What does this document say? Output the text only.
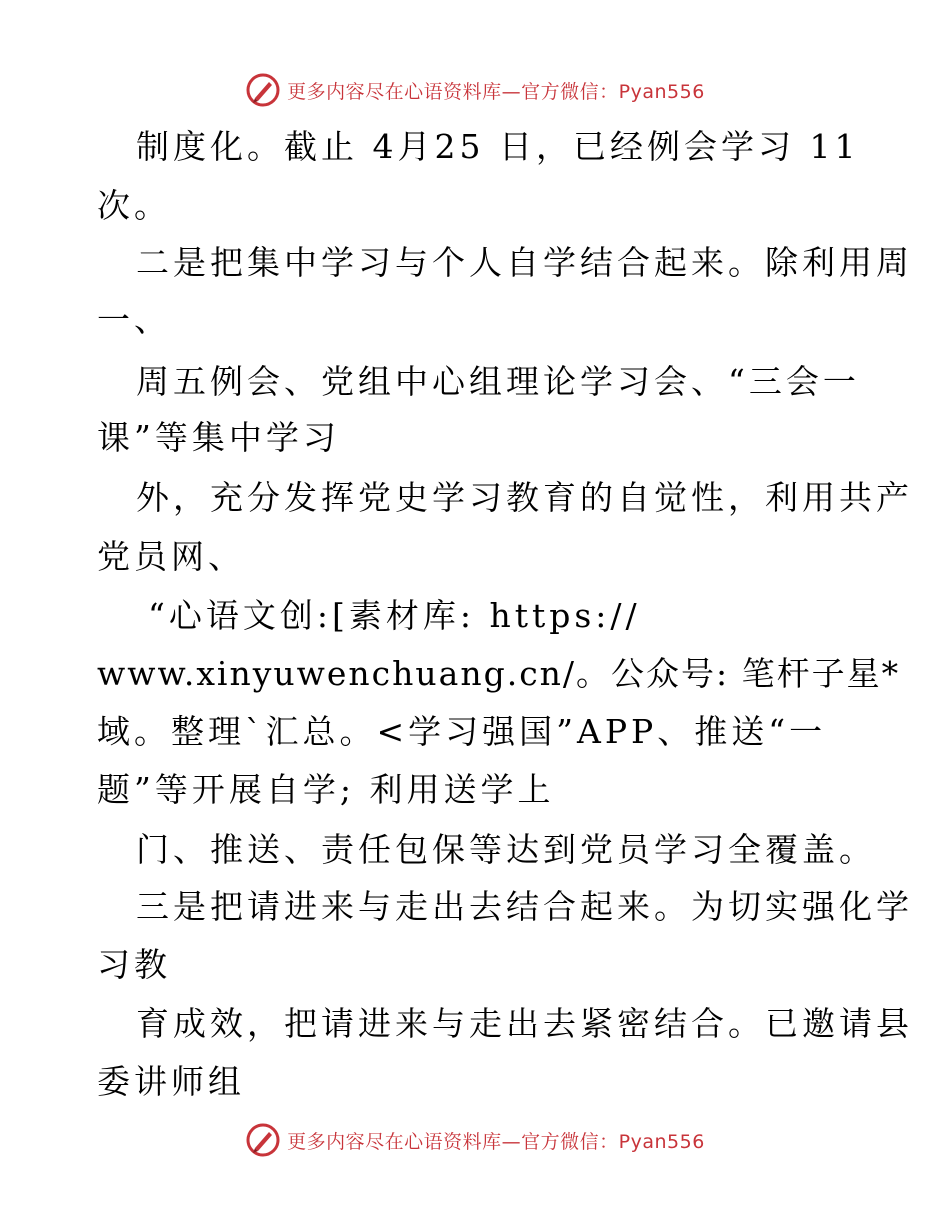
更多内容尽在心语资料库—官方微信：Pyan556
制度化。截止 4月25 日，已经例会学习 11
次。
二是把集中学习与个人自学结合起来。除利用周
一、
周五例会、党组中心组理论学习会、“三会一
课”等集中学习
外，充分发挥党史学习教育的自觉性，利用共产
党员网、
“心语文创:[素材库: https://
www.xinyuwenchuang.cn/。公众号: 笔杆子星*
域。整理`汇总。<学习强国”APP、推送“一
题”等开展自学; 利用送学上
门、推送、责任包保等达到党员学习全覆盖。
三是把请进来与走出去结合起来。为切实强化学
习教
育成效，把请进来与走出去紧密结合。已邀请县
委讲师组
更多内容尽在心语资料库—官方微信：Pyan556
